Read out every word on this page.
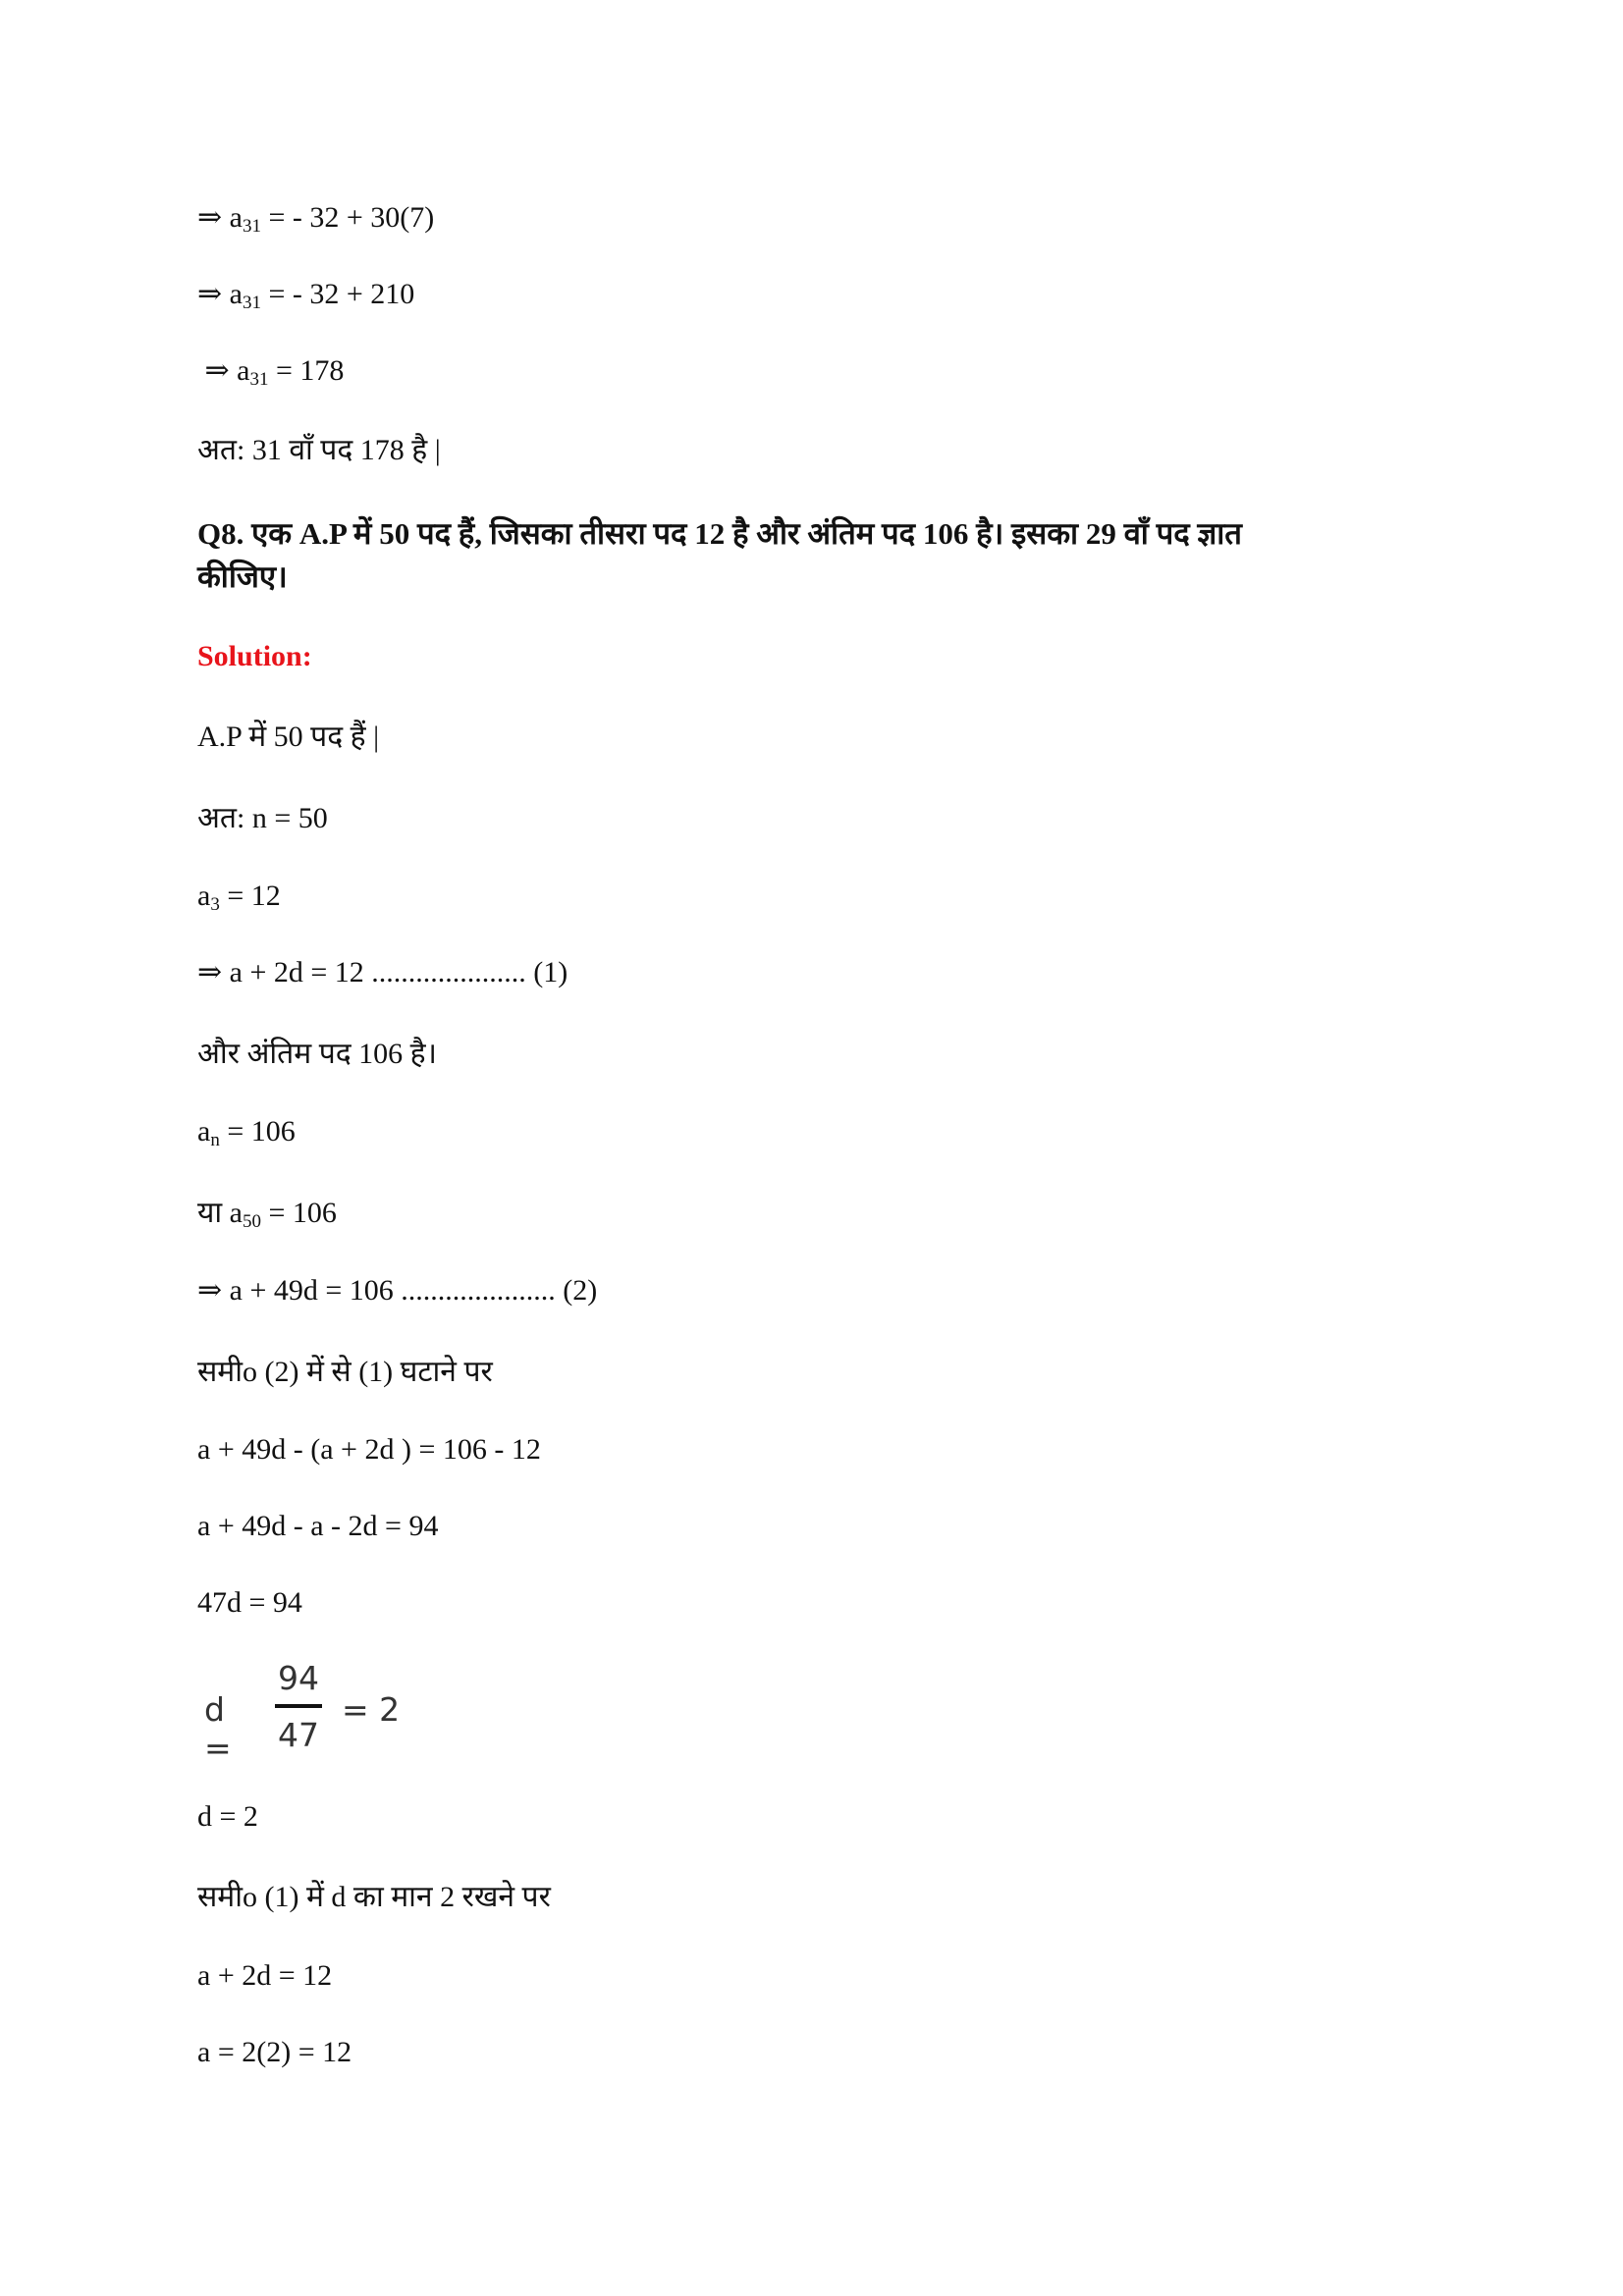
⇒ $a_{31}$ = - 32 + 30(7)
⇒ $a_{31}$ = - 32 + 210
⇒ $a_{31} = 178$
अत: 31 वाँ पद 178 है |
Q8. एक A.P में 50 पद हैं, जिसका तीसरा पद 12 है और अंतिम पद 106 है। इसका 29 वाँ पद ज्ञात
कीजिए।
Solution:
A.P में 50 पद हैं |
अत: n = 50
$a_3 = 12$
⇒ a + 2d = 12 ..................... (1)
और अंतिम पद 106 है।
$a_n = 106$
या $a_{50} = 106$
⇒ a + 49d = 106 ..................... (2)
समीo (2) में से (1) घटाने पर
a + 49d - (a + 2d ) = 106 - 12
a + 49d - a - 2d = 94
47d = 94
d =
94
47
= 2
d = 2
समीo (1) में d का मान 2 रखने पर
a + 2d = 12
a = 2(2) = 12
